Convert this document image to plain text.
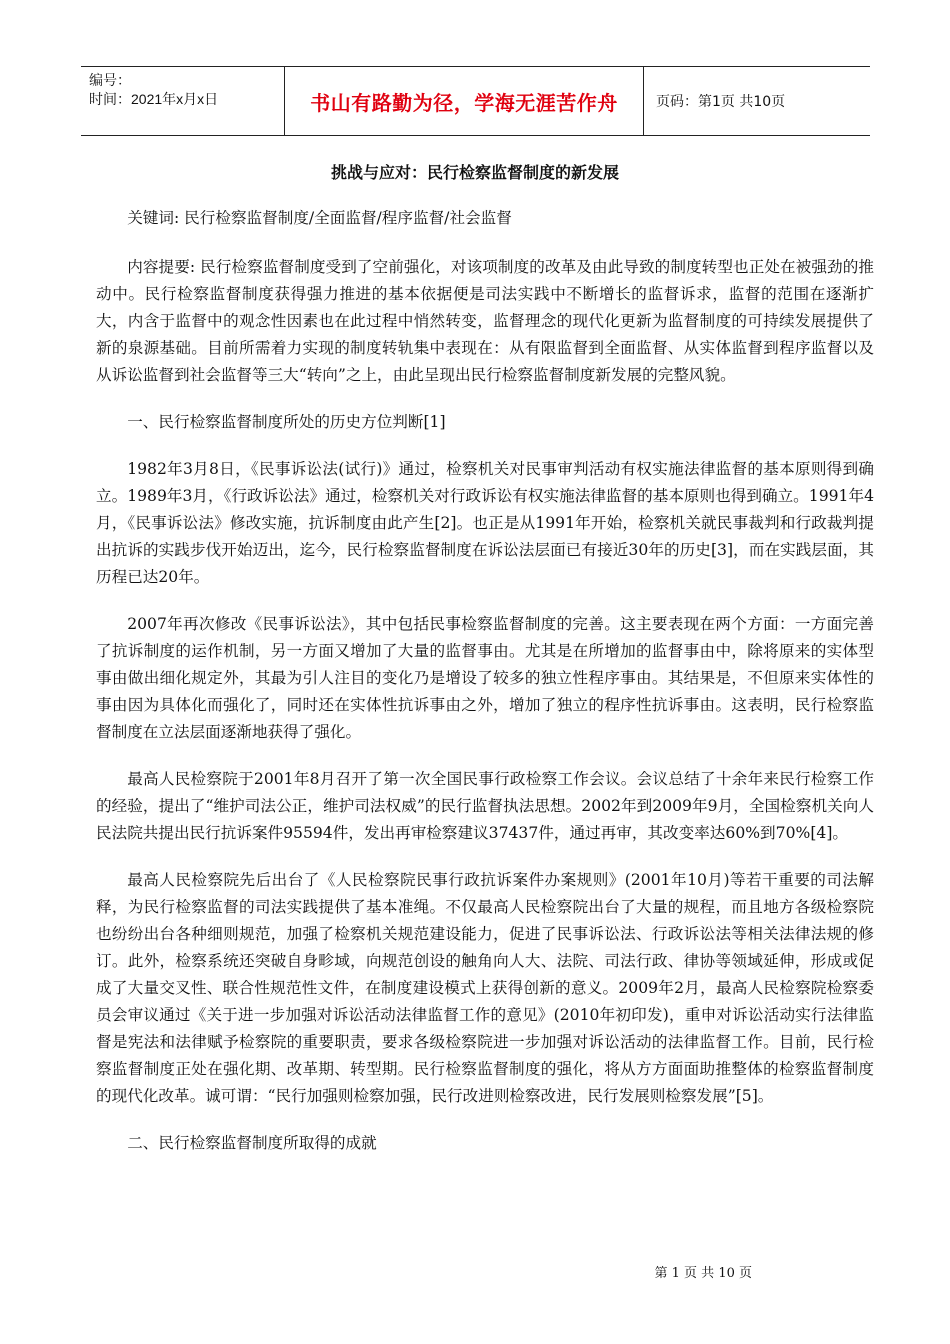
编号：
时间：2021年x月x日	书山有路勤为径，学海无涯苦作舟	页码：第1页 共10页
挑战与应对：民行检察监督制度的新发展

关键词: 民行检察监督制度/全面监督/程序监督/社会监督

内容提要: 民行检察监督制度受到了空前强化，对该项制度的改革及由此导致的制度转型也正处在被强劲的推动中。民行检察监督制度获得强力推进的基本依据便是司法实践中不断增长的监督诉求，监督的范围在逐渐扩大，内含于监督中的观念性因素也在此过程中悄然转变，监督理念的现代化更新为监督制度的可持续发展提供了新的泉源基础。目前所需着力实现的制度转轨集中表现在：从有限监督到全面监督、从实体监督到程序监督以及从诉讼监督到社会监督等三大“转向”之上，由此呈现出民行检察监督制度新发展的完整风貌。

一、民行检察监督制度所处的历史方位判断[1]

1982年3月8日，《民事诉讼法(试行)》通过，检察机关对民事审判活动有权实施法律监督的基本原则得到确立。1989年3月，《行政诉讼法》通过，检察机关对行政诉讼有权实施法律监督的基本原则也得到确立。1991年4月，《民事诉讼法》修改实施，抗诉制度由此产生[2]。也正是从1991年开始，检察机关就民事裁判和行政裁判提出抗诉的实践步伐开始迈出，迄今，民行检察监督制度在诉讼法层面已有接近30年的历史[3]，而在实践层面，其历程已达20年。

2007年再次修改《民事诉讼法》，其中包括民事检察监督制度的完善。这主要表现在两个方面：一方面完善了抗诉制度的运作机制，另一方面又增加了大量的监督事由。尤其是在所增加的监督事由中，除将原来的实体型事由做出细化规定外，其最为引人注目的变化乃是增设了较多的独立性程序事由。其结果是，不但原来实体性的事由因为具体化而强化了，同时还在实体性抗诉事由之外，增加了独立的程序性抗诉事由。这表明，民行检察监督制度在立法层面逐渐地获得了强化。

最高人民检察院于2001年8月召开了第一次全国民事行政检察工作会议。会议总结了十余年来民行检察工作的经验，提出了“维护司法公正，维护司法权威”的民行监督执法思想。2002年到2009年9月，全国检察机关向人民法院共提出民行抗诉案件95594件，发出再审检察建议37437件，通过再审，其改变率达60%到70%[4]。

最高人民检察院先后出台了《人民检察院民事行政抗诉案件办案规则》(2001年10月)等若干重要的司法解释，为民行检察监督的司法实践提供了基本准绳。不仅最高人民检察院出台了大量的规程，而且地方各级检察院也纷纷出台各种细则规范，加强了检察机关规范建设能力，促进了民事诉讼法、行政诉讼法等相关法律法规的修订。此外，检察系统还突破自身畛域，向规范创设的触角向人大、法院、司法行政、律协等领域延伸，形成或促成了大量交叉性、联合性规范性文件，在制度建设模式上获得创新的意义。2009年2月，最高人民检察院检察委员会审议通过《关于进一步加强对诉讼活动法律监督工作的意见》(2010年初印发)，重申对诉讼活动实行法律监督是宪法和法律赋予检察院的重要职责，要求各级检察院进一步加强对诉讼活动的法律监督工作。目前，民行检察监督制度正处在强化期、改革期、转型期。民行检察监督制度的强化，将从方方面面助推整体的检察监督制度的现代化改革。诚可谓：“民行加强则检察加强，民行改进则检察改进，民行发展则检察发展”[5]。

二、民行检察监督制度所取得的成就

第 1 页 共 10 页
